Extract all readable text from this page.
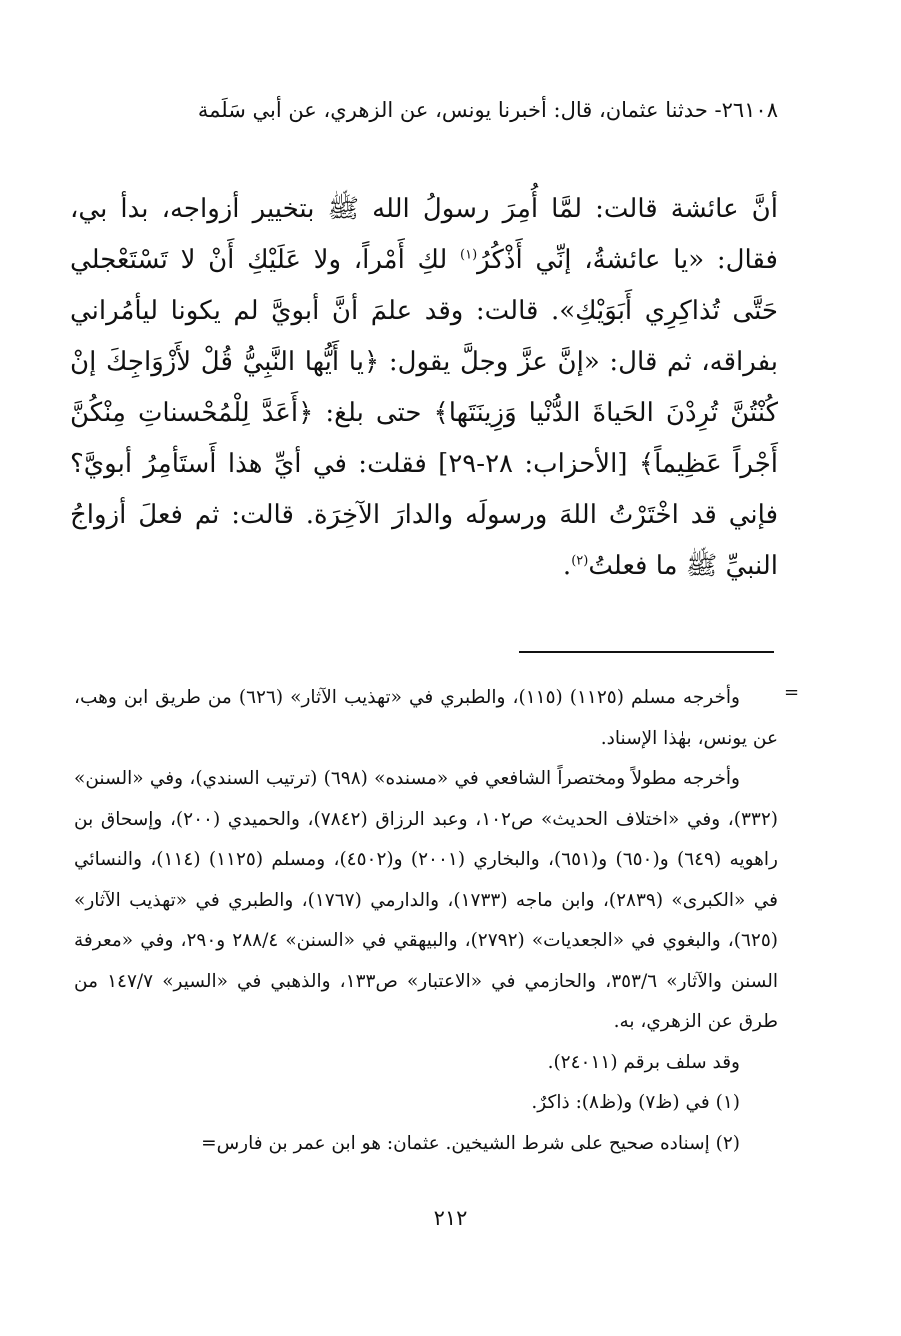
٢٦١٠٨- حدثنا عثمان، قال: أخبرنا يونس، عن الزهري، عن أبي سَلَمة

أنَّ عائشة قالت: لمَّا أُمِرَ رسولُ الله ﷺ بتخيير أزواجه، بدأ بي، فقال: «يا عائشةُ، إنِّي أَذْكُرُ$^{(١)}$ لكِ أَمْراً، ولا عَلَيْكِ أَنْ لا تَسْتَعْجلي حَتَّى تُذاكِرِي أَبَوَيْكِ». قالت: وقد علمَ أنَّ أبويَّ لم يكونا ليأمُراني بفراقه، ثم قال: «إنَّ عزَّ وجلَّ يقول: ﴿يا أَيُّها النَّبِيُّ قُلْ لأَزْوَاجِكَ إنْ كُنْتُنَّ تُرِدْنَ الحَياةَ الدُّنْيا وَزِينَتَها﴾ حتى بلغ: ﴿أَعَدَّ لِلْمُحْسناتِ مِنْكُنَّ أَجْراً عَظِيماً﴾ [الأحزاب: ٢٨-٢٩] فقلت: في أيِّ هذا أَستَأمِرُ أبويَّ؟ فإني قد اخْتَرْتُ اللهَ ورسولَه والدارَ الآخِرَة. قالت: ثم فعلَ أزواجُ النبيِّ ﷺ ما فعلتُ$^{(٢)}$.

=

وأخرجه مسلم (١١٢٥) (١١٥)، والطبري في «تهذيب الآثار» (٦٢٦) من طريق ابن وهب، عن يونس، بهٰذا الإسناد.

وأخرجه مطولاً ومختصراً الشافعي في «مسنده» (٦٩٨) (ترتيب السندي)، وفي «السنن» (٣٣٢)، وفي «اختلاف الحديث» ص١٠٢، وعبد الرزاق (٧٨٤٢)، والحميدي (٢٠٠)، وإسحاق بن راهويه (٦٤٩) و(٦٥٠) و(٦٥١)، والبخاري (٢٠٠١) و(٤٥٠٢)، ومسلم (١١٢٥) (١١٤)، والنسائي في «الكبرى» (٢٨٣٩)، وابن ماجه (١٧٣٣)، والدارمي (١٧٦٧)، والطبري في «تهذيب الآثار» (٦٢٥)، والبغوي في «الجعديات» (٢٧٩٢)، والبيهقي في «السنن» ٢٨٨/٤ و٢٩٠، وفي «معرفة السنن والآثار» ٣٥٣/٦، والحازمي في «الاعتبار» ص١٣٣، والذهبي في «السير» ١٤٧/٧ من طرق عن الزهري، به.

وقد سلف برقم (٢٤٠١١).

(١) في (ظ٧) و(ظ٨): ذاكرٌ.

(٢) إسناده صحيح على شرط الشيخين. عثمان: هو ابن عمر بن فارس=

٢١٢
